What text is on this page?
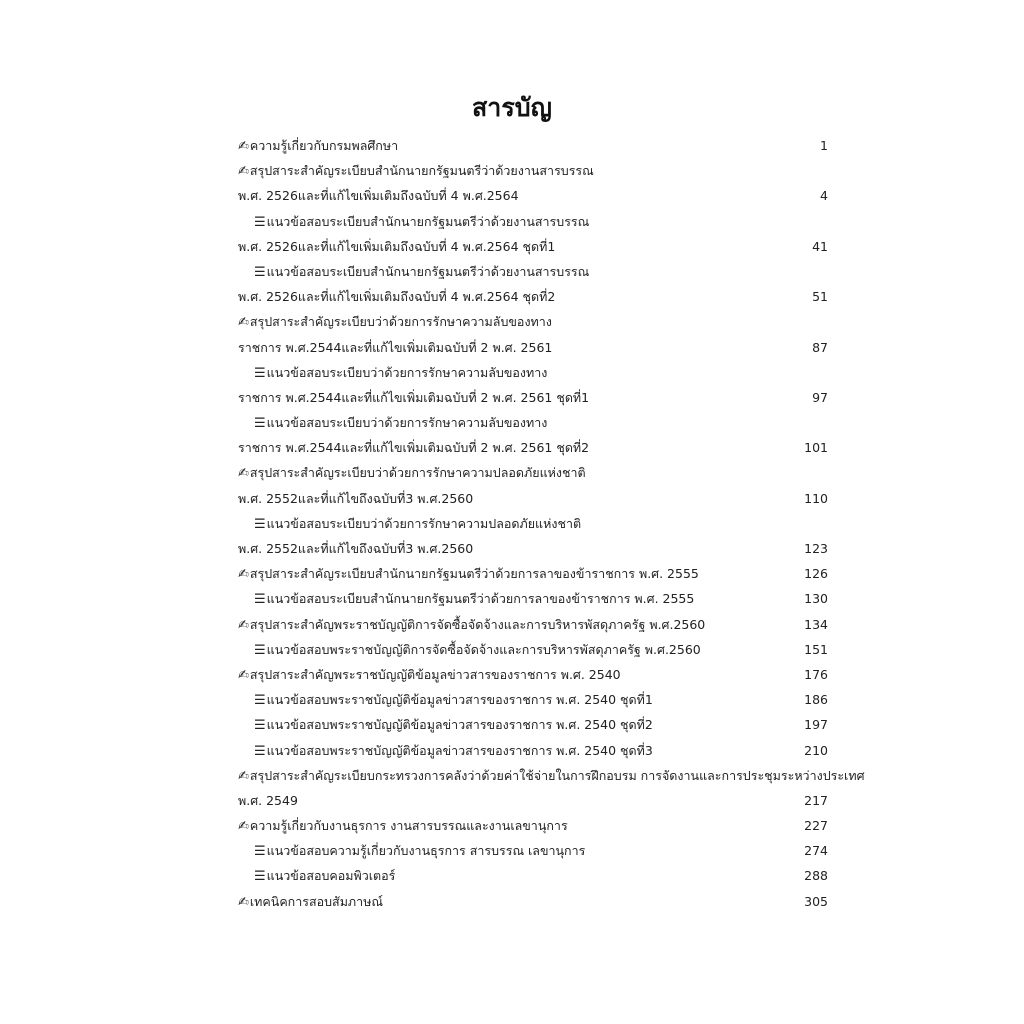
สารบัญ
✍ความรู้เกี่ยวกับกรมพลศึกษา	1
✍สรุปสาระสำคัญระเบียบสำนักนายกรัฐมนตรีว่าด้วยงานสารบรรณ
พ.ศ. 2526และที่แก้ไขเพิ่มเติมถึงฉบับที่ 4 พ.ศ.2564	4
☰แนวข้อสอบระเบียบสำนักนายกรัฐมนตรีว่าด้วยงานสารบรรณ
พ.ศ. 2526และที่แก้ไขเพิ่มเติมถึงฉบับที่ 4 พ.ศ.2564 ชุดที่1	41
☰แนวข้อสอบระเบียบสำนักนายกรัฐมนตรีว่าด้วยงานสารบรรณ
พ.ศ. 2526และที่แก้ไขเพิ่มเติมถึงฉบับที่ 4 พ.ศ.2564 ชุดที่2	51
✍สรุปสาระสำคัญระเบียบว่าด้วยการรักษาความลับของทาง
ราชการ พ.ศ.2544และที่แก้ไขเพิ่มเติมฉบับที่ 2 พ.ศ. 2561	87
☰แนวข้อสอบระเบียบว่าด้วยการรักษาความลับของทาง
ราชการ พ.ศ.2544และที่แก้ไขเพิ่มเติมฉบับที่ 2 พ.ศ. 2561 ชุดที่1	97
☰แนวข้อสอบระเบียบว่าด้วยการรักษาความลับของทาง
ราชการ พ.ศ.2544และที่แก้ไขเพิ่มเติมฉบับที่ 2 พ.ศ. 2561 ชุดที่2	101
✍สรุปสาระสำคัญระเบียบว่าด้วยการรักษาความปลอดภัยแห่งชาติ
พ.ศ. 2552และที่แก้ไขถึงฉบับที่3 พ.ศ.2560	110
☰แนวข้อสอบระเบียบว่าด้วยการรักษาความปลอดภัยแห่งชาติ
พ.ศ. 2552และที่แก้ไขถึงฉบับที่3 พ.ศ.2560	123
✍สรุปสาระสำคัญระเบียบสำนักนายกรัฐมนตรีว่าด้วยการลาของข้าราชการ พ.ศ. 2555	126
☰แนวข้อสอบระเบียบสำนักนายกรัฐมนตรีว่าด้วยการลาของข้าราชการ พ.ศ. 2555	130
✍สรุปสาระสำคัญพระราชบัญญัติการจัดซื้อจัดจ้างและการบริหารพัสดุภาครัฐ พ.ศ.2560	134
☰แนวข้อสอบพระราชบัญญัติการจัดซื้อจัดจ้างและการบริหารพัสดุภาครัฐ พ.ศ.2560	151
✍สรุปสาระสำคัญพระราชบัญญัติข้อมูลข่าวสารของราชการ พ.ศ. 2540	176
☰แนวข้อสอบพระราชบัญญัติข้อมูลข่าวสารของราชการ พ.ศ. 2540 ชุดที่1	186
☰แนวข้อสอบพระราชบัญญัติข้อมูลข่าวสารของราชการ พ.ศ. 2540 ชุดที่2	197
☰แนวข้อสอบพระราชบัญญัติข้อมูลข่าวสารของราชการ พ.ศ. 2540 ชุดที่3	210
✍สรุปสาระสำคัญระเบียบกระทรวงการคลังว่าด้วยค่าใช้จ่ายในการฝึกอบรม การจัดงานและการประชุมระหว่างประเทศ
พ.ศ. 2549	217
✍ความรู้เกี่ยวกับงานธุรการ งานสารบรรณและงานเลขานุการ	227
☰แนวข้อสอบความรู้เกี่ยวกับงานธุรการ สารบรรณ เลขานุการ	274
☰แนวข้อสอบคอมพิวเตอร์	288
✍เทคนิคการสอบสัมภาษณ์	305
